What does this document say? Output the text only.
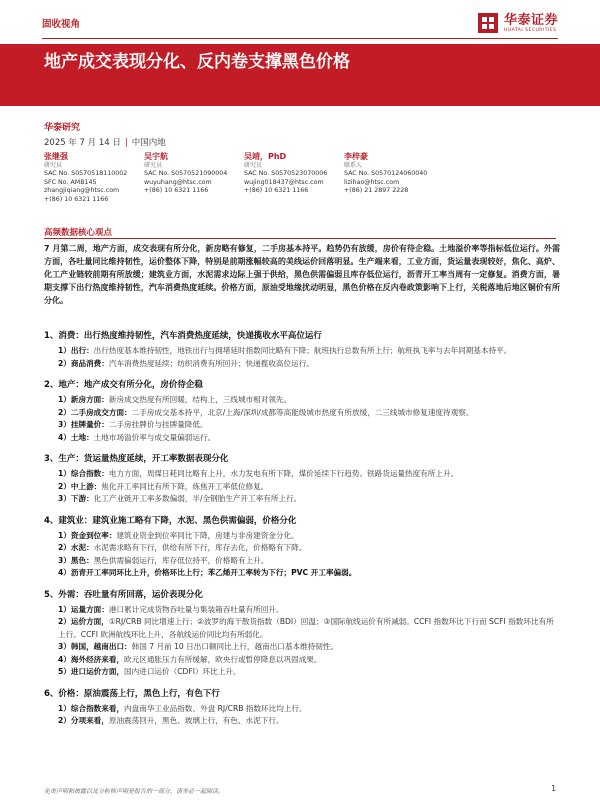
固收视角	华泰证券
HUATAI SECURITIES
地产成交表现分化、反内卷支撑黑色价格
华泰研究
2025 年 7 月 14 日 | 中国内地
张继强
研究员
SAC No. S0570518110002
SFC No. AMB145
zhangjiqiang@htsc.com
+(86) 10 6321 1166
吴宇航
研究员
SAC No. S0570521090004
wuyuhang@htsc.com
+(86) 10 6321 1166
吴靖，PhD
研究员
SAC No. S0570523070006
wujing018437@htsc.com
+(86) 10 6321 1166
李梓豪
联系人
SAC No. S0570124060040
lizihao@htsc.com
+(86) 21 2897 2228
高频数据核心观点
7 月第二周，地产方面，成交表现有所分化，新房略有修复，二手房基本持平。趋势仍有放缓，房价有待企稳。土地溢价率等指标低位运行。外需方面，各吐量同比维持韧性，运价整体下降，特别是前期涨幅较高的美线运价回落明显。生产端来看，工业方面，货运量表现较好，焦化、高炉、化工产业链较前期有所放缓；建筑业方面，水泥需求边际上强于供给，黑色供需偏弱且库存低位运行，沥青开工率当周有一定修复。消费方面，暑期支撑下出行热度维持韧性，汽车消费热度延续。价格方面，原油受地缘扰动明显，黑色价格在反内卷政策影响下上行，关税落地后地区铜价有所分化。
1、消费：出行热度维持韧性，汽车消费热度延续，快递揽收水平高位运行
1）出行：出行热度基本维持韧性，地铁出行与拥堵延时指数同比略有下降；航班执行总数有所上行；航班执飞率与去年同期基本持平。
2）商品消费：汽车消费热度延续；纺织消费有所回升；快递揽收高位运行。
2、地产：地产成交有所分化，房价待企稳
1）新房方面：新房成交热度有所回暖，结构上，三线城市相对领先。
2）二手房成交方面：二手房成交基本持平，北京/上海/深圳/成都等高能级城市热度有所放缓，二三线城市修复速度待观察。
3）挂牌量价：二手房挂牌价与挂牌量降低。
4）土地：土地市场溢价率与成交量偏弱运行。
3、生产：货运量热度延续，开工率数据表现分化
1）综合指数：电力方面，周煤日耗同比略有上升，水力发电有所下降，煤价延续下行趋势。铁路货运量热度有所上升。
2）中上游：焦化开工率同比有所下降，炼焦开工率低位修复。
3）下游：化工产业链开工率多数偏弱，半/全钢胎生产开工率有所上行。
4、建筑业：建筑业施工略有下降，水泥、黑色供需偏弱，价格分化
1）资金到位率：建筑业资金到位率同比下降，房建与非房建资金分化。
2）水泥：水泥需求略有下行，供给有所下行，库存去化，价格略有下降。
3）黑色：黑色供需偏弱运行，库存低位持平，价格略有上升。
4）沥青开工率同环比上升，价格环比上行；苯乙烯开工率转为下行；PVC 开工率偏弱。
5、外需：吞吐量有所回落，运价表现分化
1）运量方面：港口累计完成货物吞吐量与集装箱吞吐量有所回升。
2）运价方面，①RJ/CRB 同比增速上行；②波罗的海干散货指数（BDI）回温；③国际航线运价有所减弱。CCFI 指数环比下行而 SCFI 指数环比有所上行。CCFI 欧洲航线环比上升，各航线运价同比均有所弱化。
3）韩国，越南出口：韩国 7 月前 10 日出口额同比上行，越南出口基本维持韧性。
4）海外经济来看，欧元区通胀压力有所缓解，欧央行或暂停降息以巩固成果。
5）进口运价方面，国内进口运价（CDFI）环比上升。
6、价格：原油震荡上行，黑色上行，有色下行
1）综合指数来看，内盘南华工业品指数、外盘 RJ/CRB 指数环比均上行。
2）分项来看，原油震荡回升，黑色、玻璃上行，有色、水泥下行。
免责声明和披露以及分析师声明是报告的一部分，请务必一起阅读。	1
